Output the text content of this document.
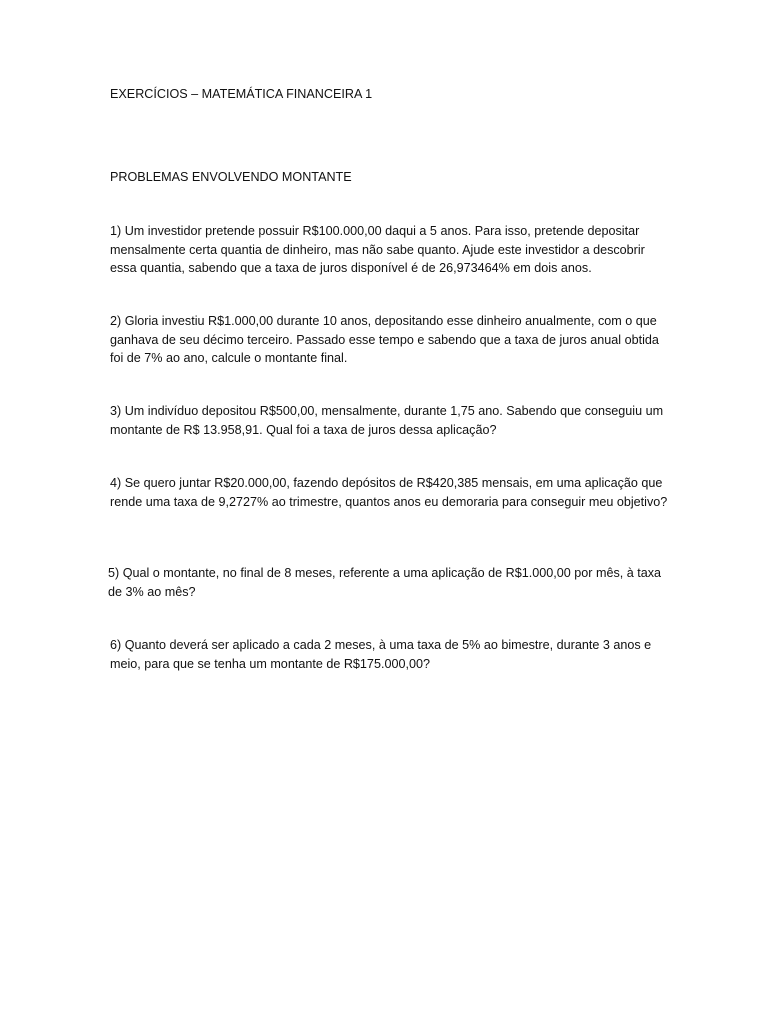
EXERCÍCIOS – MATEMÁTICA FINANCEIRA 1

PROBLEMAS ENVOLVENDO MONTANTE

1) Um investidor pretende possuir R$100.000,00 daqui a 5 anos. Para isso, pretende depositar mensalmente certa quantia de dinheiro, mas não sabe quanto. Ajude este investidor a descobrir essa quantia, sabendo que a taxa de juros disponível é de 26,973464% em dois anos.

2) Gloria investiu R$1.000,00 durante 10 anos, depositando esse dinheiro anualmente, com o que ganhava de seu décimo terceiro. Passado esse tempo e sabendo que a taxa de juros anual obtida foi de 7% ao ano, calcule o montante final.

3) Um indivíduo depositou R$500,00, mensalmente, durante 1,75 ano. Sabendo que conseguiu um montante de R$ 13.958,91. Qual foi a taxa de juros dessa aplicação?

4) Se quero juntar R$20.000,00, fazendo depósitos de R$420,385 mensais, em uma aplicação que rende uma taxa de 9,2727% ao trimestre, quantos anos eu demoraria para conseguir meu objetivo?

5) Qual o montante, no final de 8 meses, referente a uma aplicação de R$1.000,00 por mês, à taxa de 3% ao mês?

6) Quanto deverá ser aplicado a cada 2 meses, à uma taxa de 5% ao bimestre, durante 3 anos e meio, para que se tenha um montante de R$175.000,00?
